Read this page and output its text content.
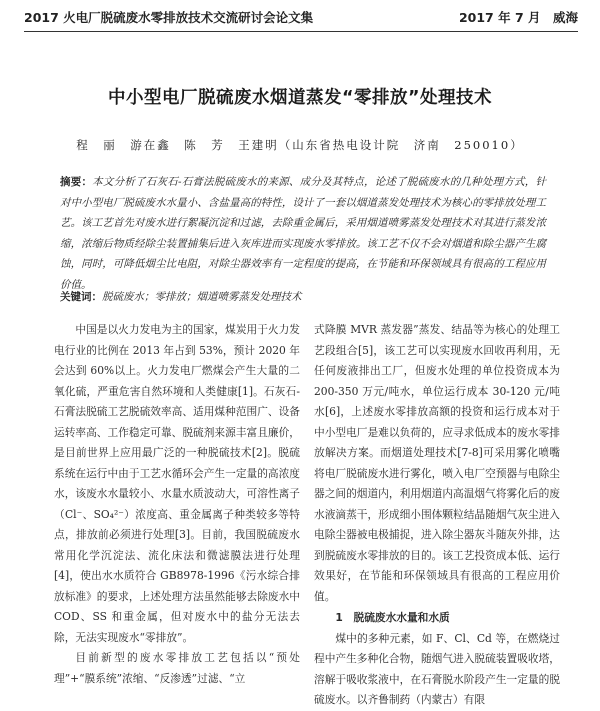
2017 火电厂脱硫废水零排放技术交流研讨会论文集	2017 年 7 月　威海
中小型电厂脱硫废水烟道蒸发“零排放”处理技术
程　丽　游在鑫　陈　芳　王建明（山东省热电设计院　济南　250010）
摘要：本文分析了石灰石-石膏法脱硫废水的来源、成分及其特点，论述了脱硫废水的几种处理方式，针对中小型电厂脱硫废水水量小、含盐量高的特性，设计了一套以烟道蒸发处理技术为核心的零排放处理工艺。该工艺首先对废水进行絮凝沉淀和过滤，去除重金属后，采用烟道喷雾蒸发处理技术对其进行蒸发浓缩，浓缩后物质经除尘装置捕集后进入灰库进而实现废水零排放。该工艺不仅不会对烟道和除尘器产生腐蚀，同时，可降低烟尘比电阻，对除尘器效率有一定程度的提高，在节能和环保领域具有很高的工程应用价值。
关键词：脱硫废水；零排放；烟道喷雾蒸发处理技术

中国是以火力发电为主的国家，煤炭用于火力发电行业的比例在 2013 年占到 53%，预计 2020 年会达到 60%以上。火力发电厂燃煤会产生大量的二氧化硫，严重危害自然环境和人类健康[1]。石灰石-石膏法脱硫工艺脱硫效率高、适用煤种范围广、设备运转率高、工作稳定可靠、脱硫剂来源丰富且廉价，是目前世界上应用最广泛的一种脱硫技术[2]。脱硫系统在运行中由于工艺水循环会产生一定量的高浓度水，该废水水量较小、水量水质波动大，可溶性离子（Cl⁻、SO₄²⁻）浓度高、重金属离子种类较多等特点，排放前必须进行处理[3]。目前，我国脱硫废水常用化学沉淀法、流化床法和微滤膜法进行处理[4]，使出水水质符合 GB8978-1996《污水综合排放标准》的要求，上述处理方法虽然能够去除废水中 COD、SS 和重金属，但对废水中的盐分无法去除，无法实现废水“零排放”。

目前新型的废水零排放工艺包括以“预处理”+“膜系统”浓缩、“反渗透”过滤、“立

式降膜 MVR 蒸发器”蒸发、结晶等为核心的处理工艺段组合[5]，该工艺可以实现废水回收再利用，无任何废液排出工厂，但废水处理的单位投资成本为 200-350 万元/吨水，单位运行成本 30-120 元/吨水[6]，上述废水零排放高额的投资和运行成本对于中小型电厂是难以负荷的，应寻求低成本的废水零排放解决方案。而烟道处理技术[7-8]可采用雾化喷嘴将电厂脱硫废水进行雾化，喷入电厂空预器与电除尘器之间的烟道内，利用烟道内高温烟气将雾化后的废水液滴蒸干，形成细小围体颗粒结晶随烟气灰尘进入电除尘器被电极捕捉，进入除尘器灰斗随灰外排，达到脱硫废水零排放的目的。该工艺投资成本低、运行效果好，在节能和环保领域具有很高的工程应用价值。

1　脱硫废水水量和水质

煤中的多种元素，如 F、Cl、Cd 等，在燃烧过程中产生多种化合物，随烟气进入脱硫装置吸收塔，溶解于吸收浆液中，在石膏脱水阶段产生一定量的脱硫废水。以齐鲁制药（内蒙古）有限
